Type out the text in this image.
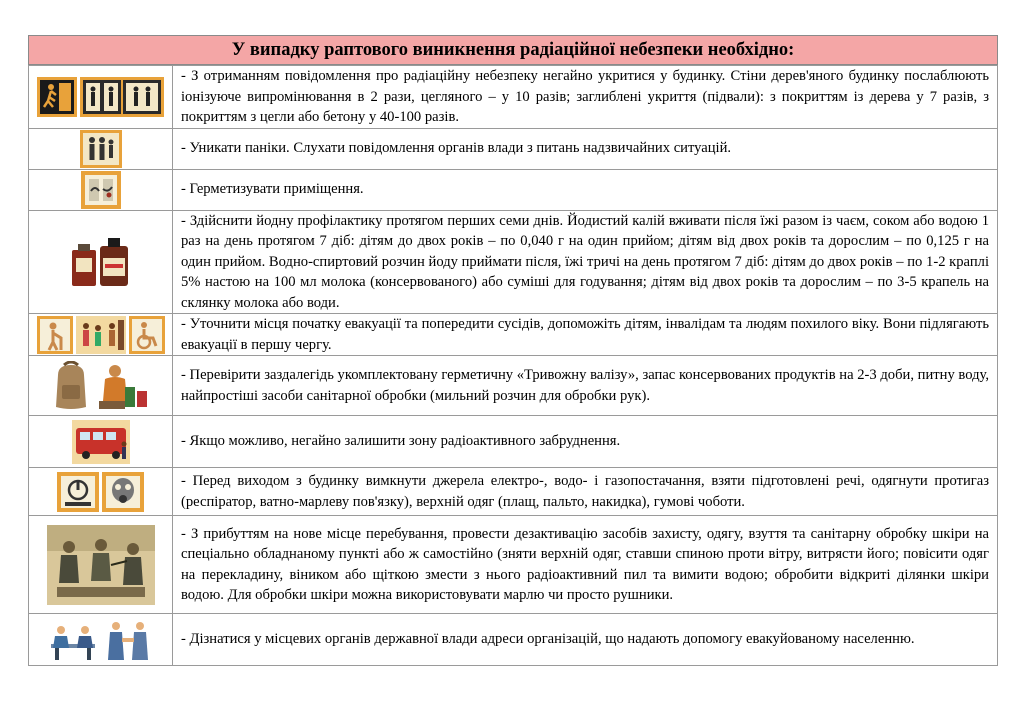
У випадку раптового виникнення радіаційної небезпеки необхідно:
	- З отриманням повідомлення про радіаційну небезпеку негайно укритися у будинку. Стіни дерев'яного будинку послаблюють іонізуюче випромінювання в 2 рази, цегляного – у 10 разів; заглиблені укриття (підвали): з покриттям із дерева у 7 разів, з покриттям з цегли або бетону у 40-100 разів.

	- Уникати паніки. Слухати повідомлення органів влади з питань надзвичайних ситуацій.

	- Герметизувати приміщення.

	- Здійснити йодну профілактику протягом перших семи днів. Йодистий калій вживати після їжі разом із чаєм, соком або водою 1 раз на день протягом 7 діб: дітям до двох років – по 0,040 г на один прийом; дітям від двох років та дорослим – по 0,125 г на один прийом. Водно-спиртовий розчин йоду приймати після, їжі тричі на день протягом 7 діб: дітям до двох років – по 1-2 краплі 5% настою на 100 мл молока (консервованого) або суміші для годування; дітям від двох років та дорослим – по 3-5 крапель на склянку молока або води.

	- Уточнити місця початку евакуації та попередити сусідів, допоможіть дітям, інвалідам та людям похилого віку. Вони підлягають евакуації в першу чергу.

	- Перевірити заздалегідь укомплектовану герметичну «Тривожну валізу», запас консервованих продуктів на 2-3 доби, питну воду, найпростіші засоби санітарної обробки (мильний розчин для обробки рук).

	- Якщо можливо, негайно залишити зону радіоактивного забруднення.

	- Перед виходом з будинку вимкнути джерела електро-, водо- і газопостачання, взяти підготовлені речі, одягнути протигаз (респіратор, ватно-марлеву пов'язку), верхній одяг (плащ, пальто, накидка), гумові чоботи.

	- З прибуттям на нове місце перебування, провести дезактивацію засобів захисту, одягу, взуття та санітарну обробку шкіри на спеціально обладнаному пункті або ж самостійно (зняти верхній одяг, ставши спиною проти вітру, витрясти його; повісити одяг на перекладину, віником або щіткою змести з нього радіоактивний пил та вимити водою; обробити відкриті ділянки шкіри водою. Для обробки шкіри можна використовувати марлю чи просто рушники.

	- Дізнатися у місцевих органів державної влади адреси організацій, що надають допомогу евакуйованому населенню.
